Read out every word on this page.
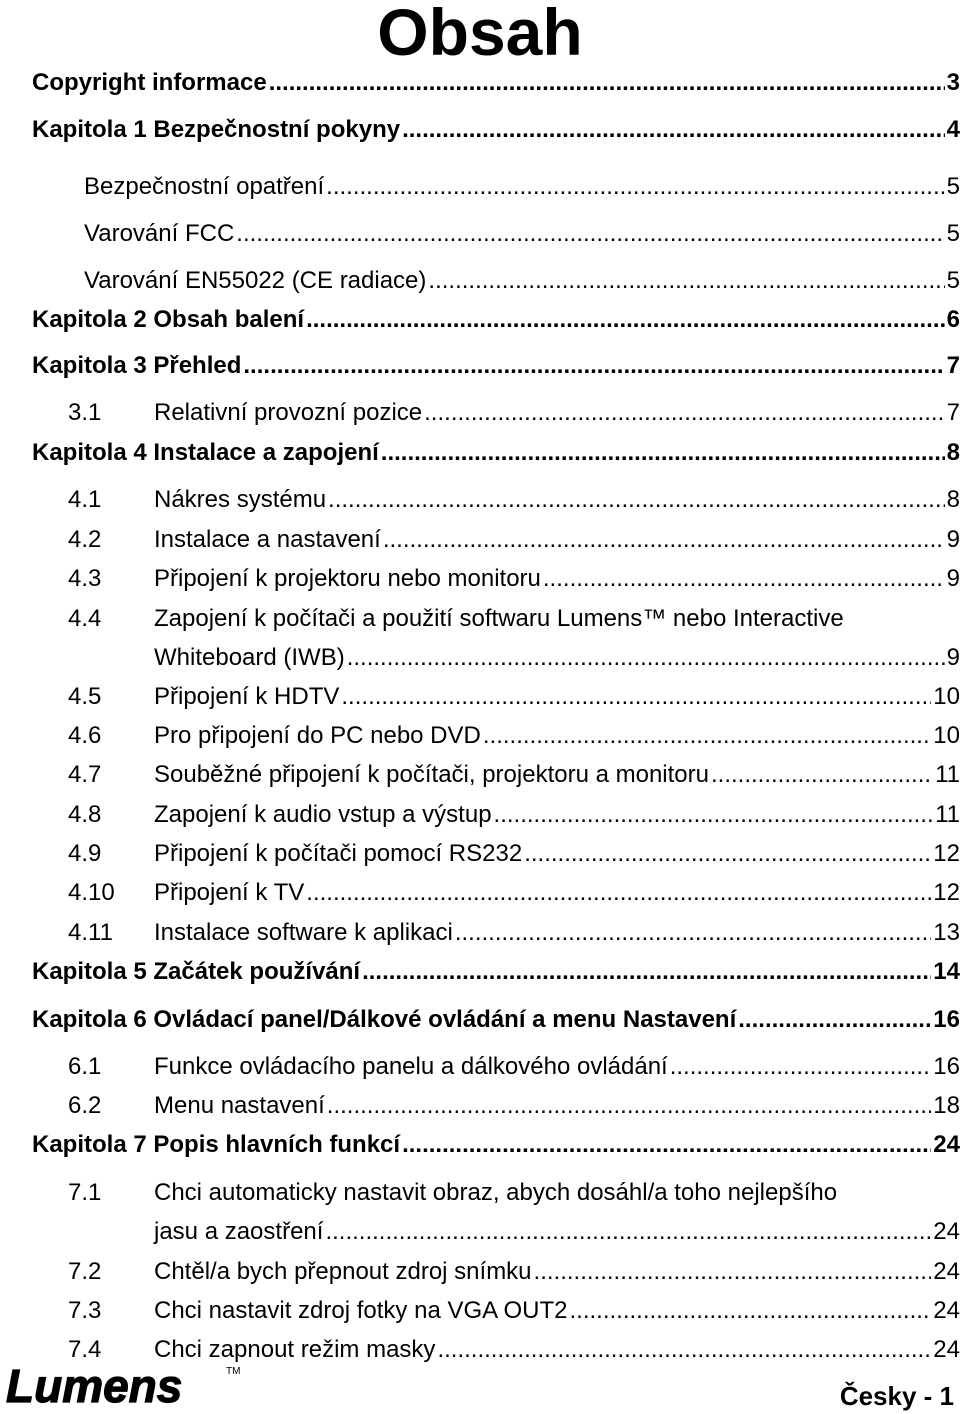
Obsah
Copyright informace .....	3
Kapitola 1 Bezpečnostní pokyny .....	4
Bezpečnostní opatření .....	5
Varování FCC .....	5
Varování EN55022 (CE radiace) .....	5
Kapitola 2 Obsah balení .....	6
Kapitola 3 Přehled .....	7
3.1	Relativní provozní pozice .....	7
Kapitola 4 Instalace a zapojení .....	8
4.1	Nákres systému .....	8
4.2	Instalace a nastavení .....	9
4.3	Připojení k projektoru nebo monitoru .....	9
4.4 Zapojení k počítači a použití softwaru Lumens™ nebo Interactive
Whiteboard (IWB) .....	9
4.5	Připojení k HDTV .....	10
4.6	Pro připojení do PC nebo DVD .....	10
4.7	Souběžné připojení k počítači, projektoru a monitoru .....	11
4.8	Zapojení k audio vstup a výstup .....	11
4.9	Připojení k počítači pomocí RS232 .....	12
4.10	Připojení k TV .....	12
4.11	Instalace software k aplikaci .....	13
Kapitola 5 Začátek používání .....	14
Kapitola 6 Ovládací panel/Dálkové ovládání a menu Nastavení .....	16
6.1	Funkce ovládacího panelu a dálkového ovládání .....	16
6.2	Menu nastavení .....	18
Kapitola 7 Popis hlavních funkcí .....	24
7.1 Chci automaticky nastavit obraz, abych dosáhl/a toho nejlepšího
jasu a zaostření .....	24
7.2	Chtěl/a bych přepnout zdroj snímku .....	24
7.3	Chci nastavit zdroj fotky na VGA OUT2 .....	24
7.4	Chci zapnout režim masky .....	24
Lumens	TM
Česky - 1
